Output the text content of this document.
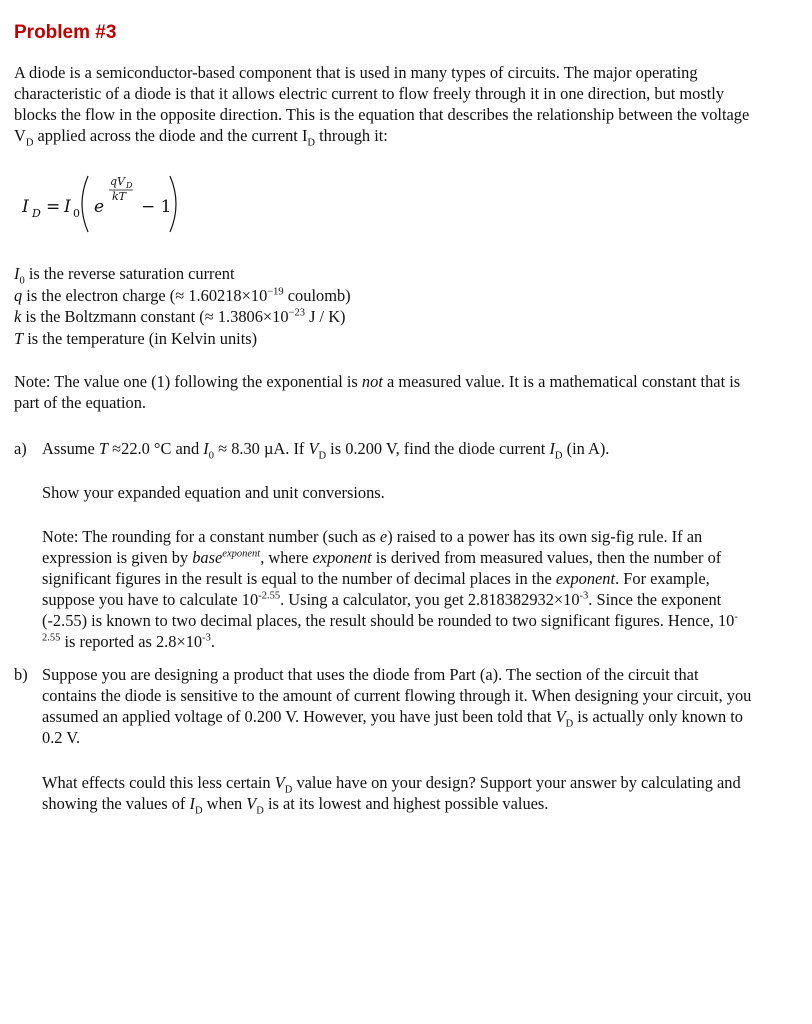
Problem #3

A diode is a semiconductor-based component that is used in many types of circuits. The major operating characteristic of a diode is that it allows electric current to flow freely through it in one direction, but mostly blocks the flow in the opposite direction. This is the equation that describes the relationship between the voltage $V_D$ applied across the diode and the current $I_D$ through it:

I D = I 0 e
qV D
kT
− 1
$I_0$ is the reverse saturation current
q is the electron charge (≈ $1.60218\times 10^{-19}$ coulomb)
k is the Boltzmann constant (≈ $1.3806\times 10^{-23}$ J / K)
T is the temperature (in Kelvin units)

Note: The value one (1) following the exponential is not a measured value. It is a mathematical constant that is part of the equation.

a) Assume T ≈22.0 °C and $I_0 \approx 8.30$ µA. If $V_D$ is 0.200 V, find the diode current $I_D$ (in A).

Show your expanded equation and unit conversions.

Note: The rounding for a constant number (such as e) raised to a power has its own sig-fig rule. If an expression is given by base$^{exponent}$, where exponent is derived from measured values, then the number of significant figures in the result is equal to the number of decimal places in the exponent. For example, suppose you have to calculate $10^{-2.55}$. Using a calculator, you get $2.818382932\times 10^{-3}$. Since the exponent (-2.55) is known to two decimal places, the result should be rounded to two significant figures. Hence, $10^{-2.55}$ is reported as $2.8\times 10^{-3}$.

b) Suppose you are designing a product that uses the diode from Part (a). The section of the circuit that contains the diode is sensitive to the amount of current flowing through it. When designing your circuit, you assumed an applied voltage of 0.200 V. However, you have just been told that $V_D$ is actually only known to 0.2 V.

What effects could this less certain $V_D$ value have on your design? Support your answer by calculating and showing the values of $I_D$ when $V_D$ is at its lowest and highest possible values.
